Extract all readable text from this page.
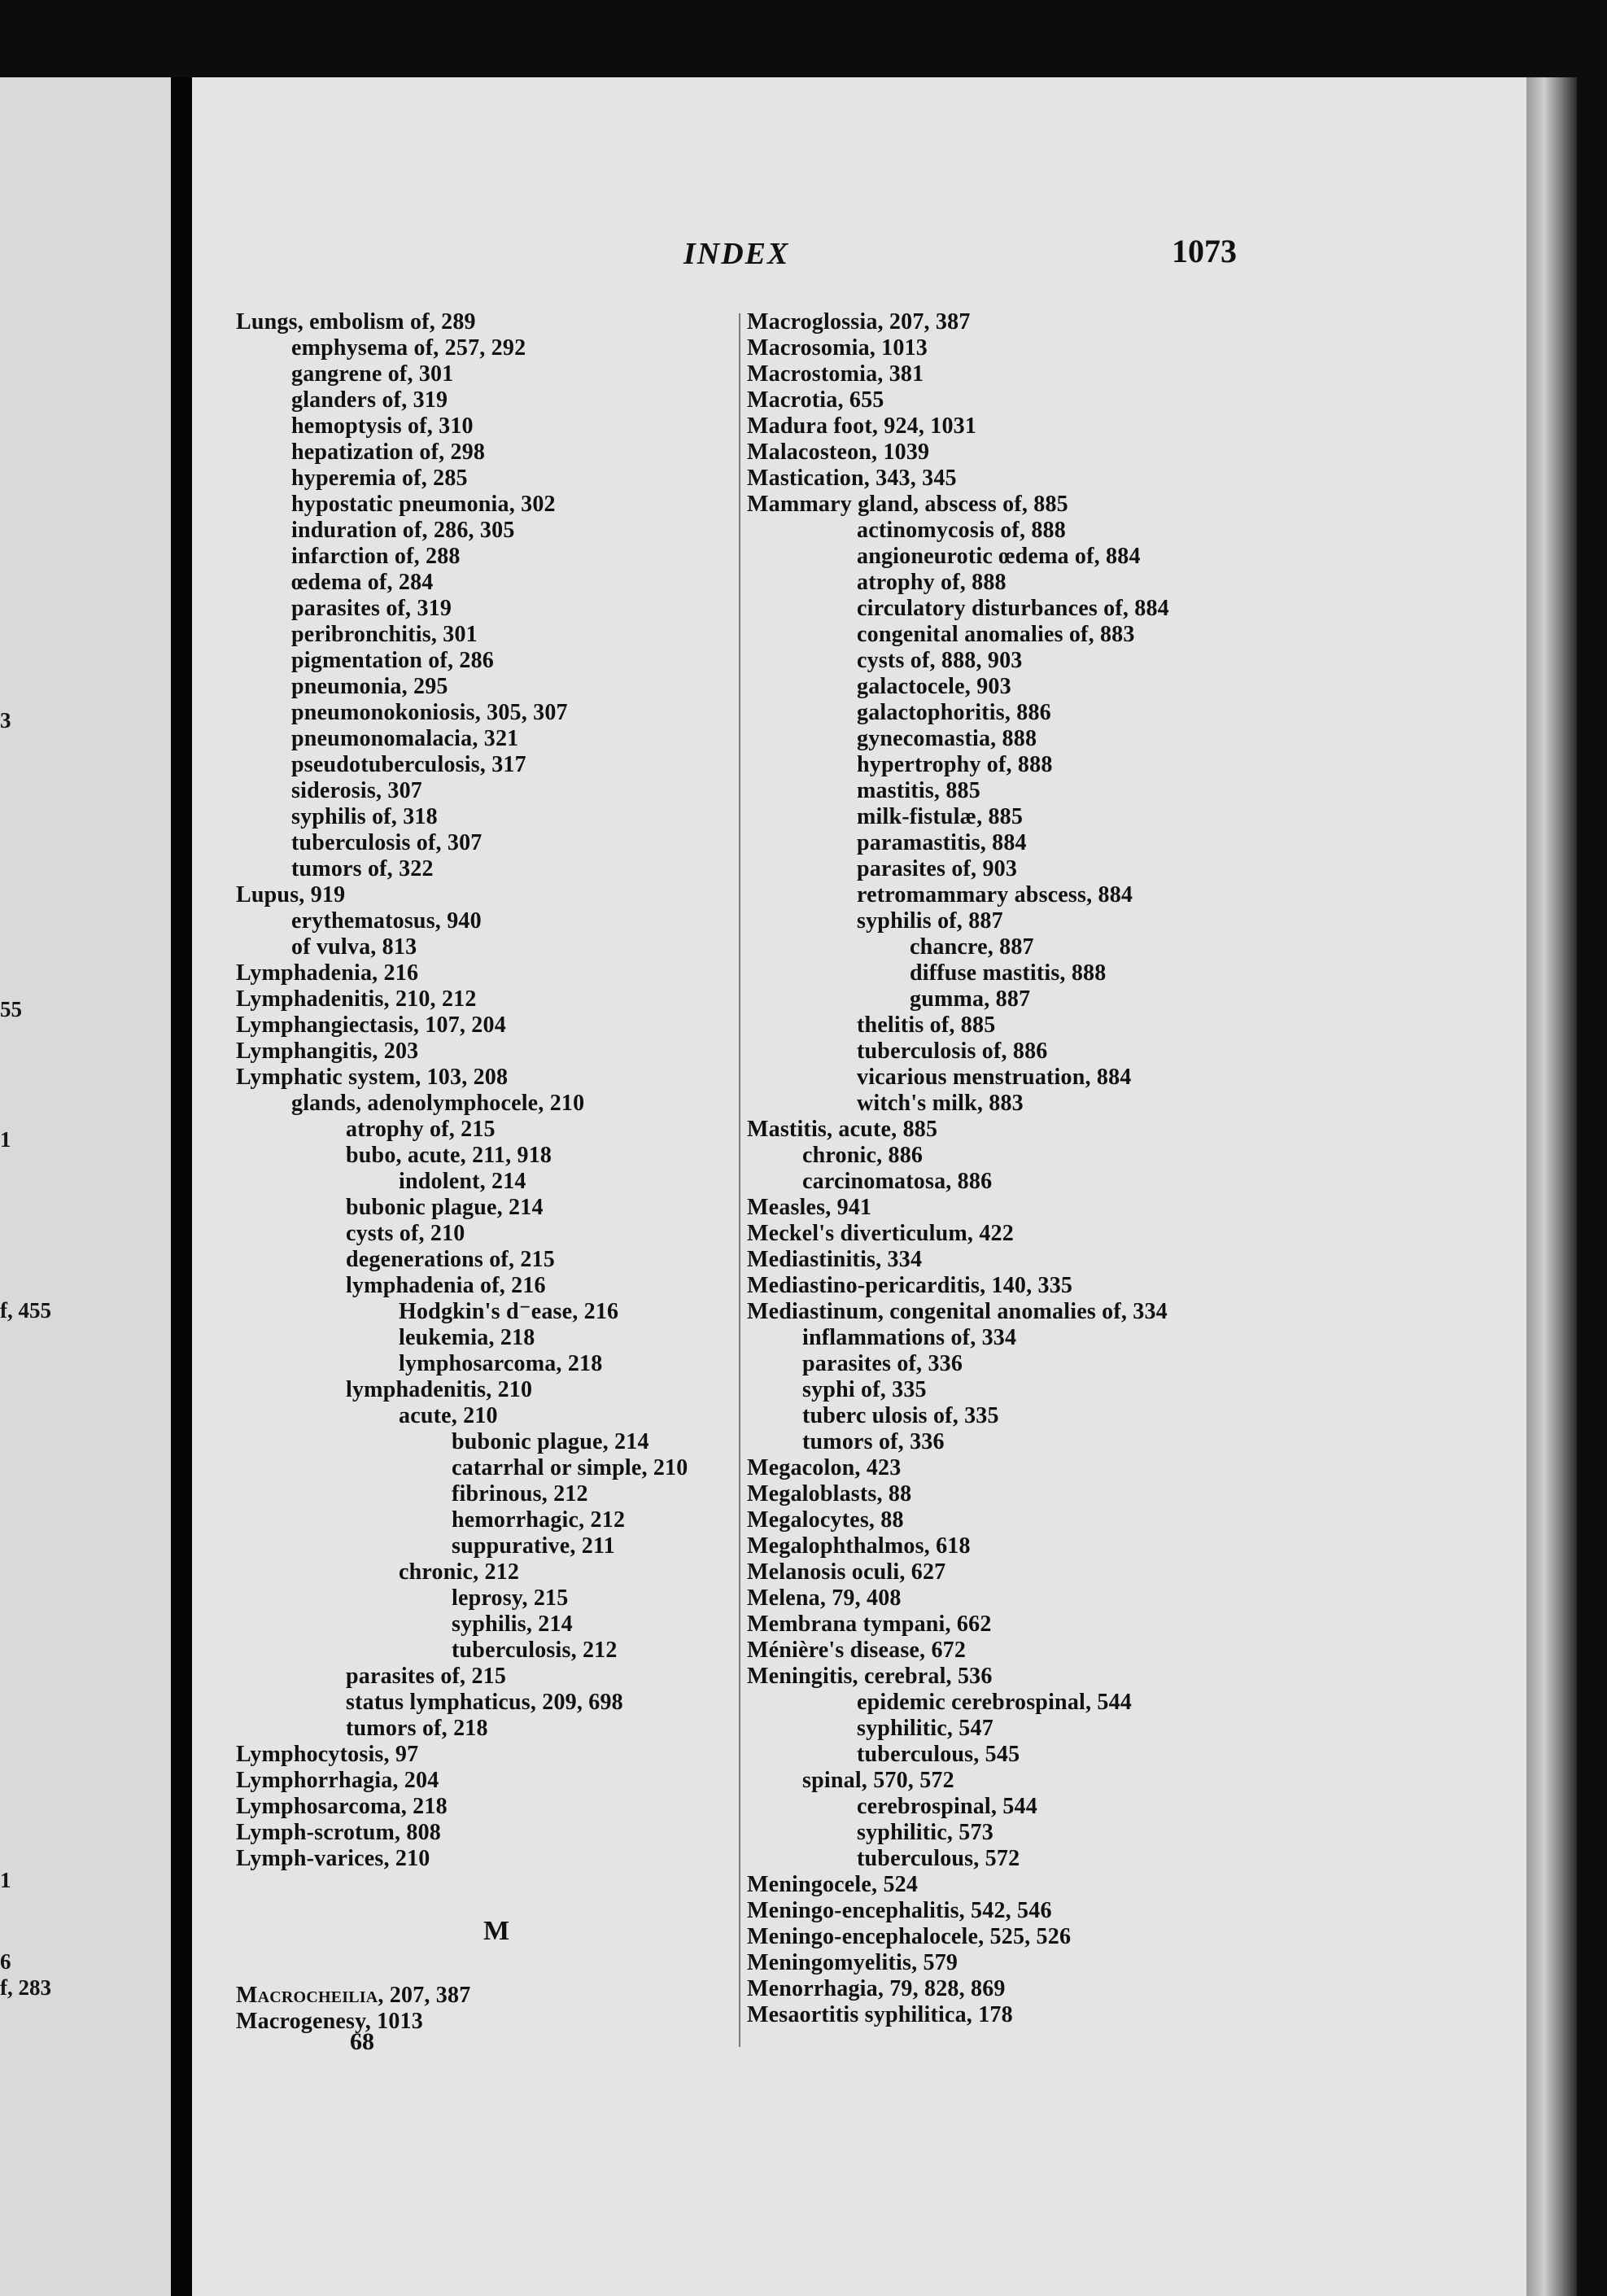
3
55
1
f, 455
1
6
f, 283
INDEX	1073
Lungs, embolism of, 289
emphysema of, 257, 292
gangrene of, 301
glanders of, 319
hemoptysis of, 310
hepatization of, 298
hyperemia of, 285
hypostatic pneumonia, 302
induration of, 286, 305
infarction of, 288
œdema of, 284
parasites of, 319
peribronchitis, 301
pigmentation of, 286
pneumonia, 295
pneumonokoniosis, 305, 307
pneumonomalacia, 321
pseudotuberculosis, 317
siderosis, 307
syphilis of, 318
tuberculosis of, 307
tumors of, 322
Lupus, 919
erythematosus, 940
of vulva, 813
Lymphadenia, 216
Lymphadenitis, 210, 212
Lymphangiectasis, 107, 204
Lymphangitis, 203
Lymphatic system, 103, 208
glands, adenolymphocele, 210
atrophy of, 215
bubo, acute, 211, 918
indolent, 214
bubonic plague, 214
cysts of, 210
degenerations of, 215
lymphadenia of, 216
Hodgkin's d⁻ease, 216
leukemia, 218
lymphosarcoma, 218
lymphadenitis, 210
acute, 210
bubonic plague, 214
catarrhal or simple, 210
fibrinous, 212
hemorrhagic, 212
suppurative, 211
chronic, 212
leprosy, 215
syphilis, 214
tuberculosis, 212
parasites of, 215
status lymphaticus, 209, 698
tumors of, 218
Lymphocytosis, 97
Lymphorrhagia, 204
Lymphosarcoma, 218
Lymph-scrotum, 808
Lymph-varices, 210
M
Macrocheilia, 207, 387
Macrogenesy, 1013
Macroglossia, 207, 387
Macrosomia, 1013
Macrostomia, 381
Macrotia, 655
Madura foot, 924, 1031
Malacosteon, 1039
Mastication, 343, 345
Mammary gland, abscess of, 885
actinomycosis of, 888
angioneurotic œdema of, 884
atrophy of, 888
circulatory disturbances of, 884
congenital anomalies of, 883
cysts of, 888, 903
galactocele, 903
galactophoritis, 886
gynecomastia, 888
hypertrophy of, 888
mastitis, 885
milk-fistulæ, 885
paramastitis, 884
parasites of, 903
retromammary abscess, 884
syphilis of, 887
chancre, 887
diffuse mastitis, 888
gumma, 887
thelitis of, 885
tuberculosis of, 886
vicarious menstruation, 884
witch's milk, 883
Mastitis, acute, 885
chronic, 886
carcinomatosa, 886
Measles, 941
Meckel's diverticulum, 422
Mediastinitis, 334
Mediastino-pericarditis, 140, 335
Mediastinum, congenital anomalies of, 334
inflammations of, 334
parasites of, 336
syphi of, 335
tuberc ulosis of, 335
tumors of, 336
Megacolon, 423
Megaloblasts, 88
Megalocytes, 88
Megalophthalmos, 618
Melanosis oculi, 627
Melena, 79, 408
Membrana tympani, 662
Ménière's disease, 672
Meningitis, cerebral, 536
epidemic cerebrospinal, 544
syphilitic, 547
tuberculous, 545
spinal, 570, 572
cerebrospinal, 544
syphilitic, 573
tuberculous, 572
Meningocele, 524
Meningo-encephalitis, 542, 546
Meningo-encephalocele, 525, 526
Meningomyelitis, 579
Menorrhagia, 79, 828, 869
Mesaortitis syphilitica, 178
68
